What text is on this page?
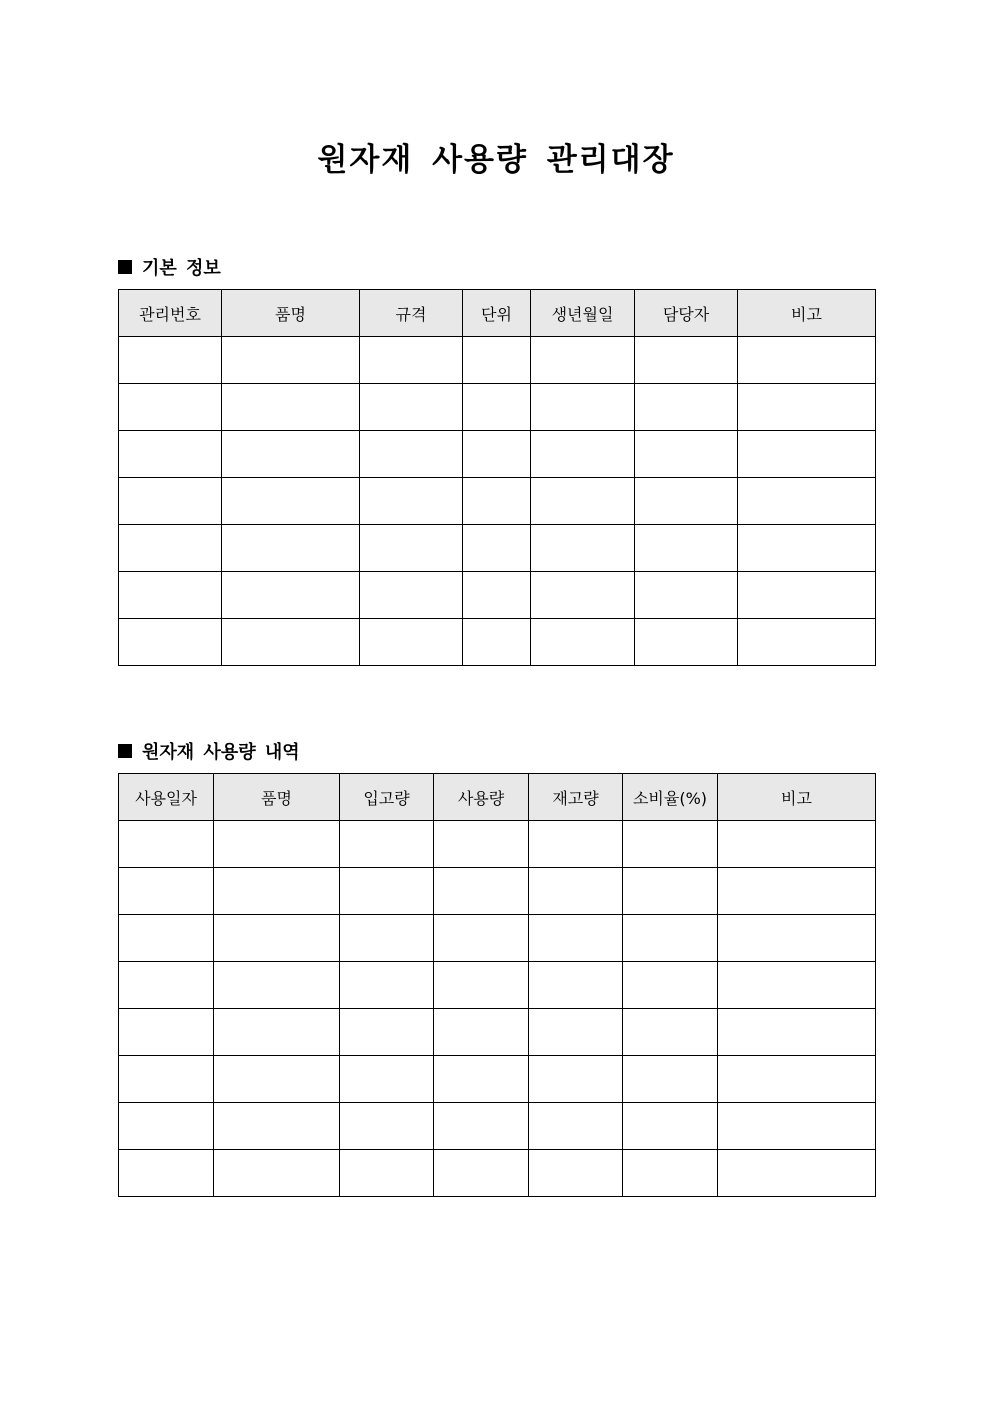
원자재 사용량 관리대장
기본 정보
관리번호	품명	규격	단위	생년월일	담당자	비고

원자재 사용량 내역
사용일자	품명	입고량	사용량	재고량	소비율(%)	비고
